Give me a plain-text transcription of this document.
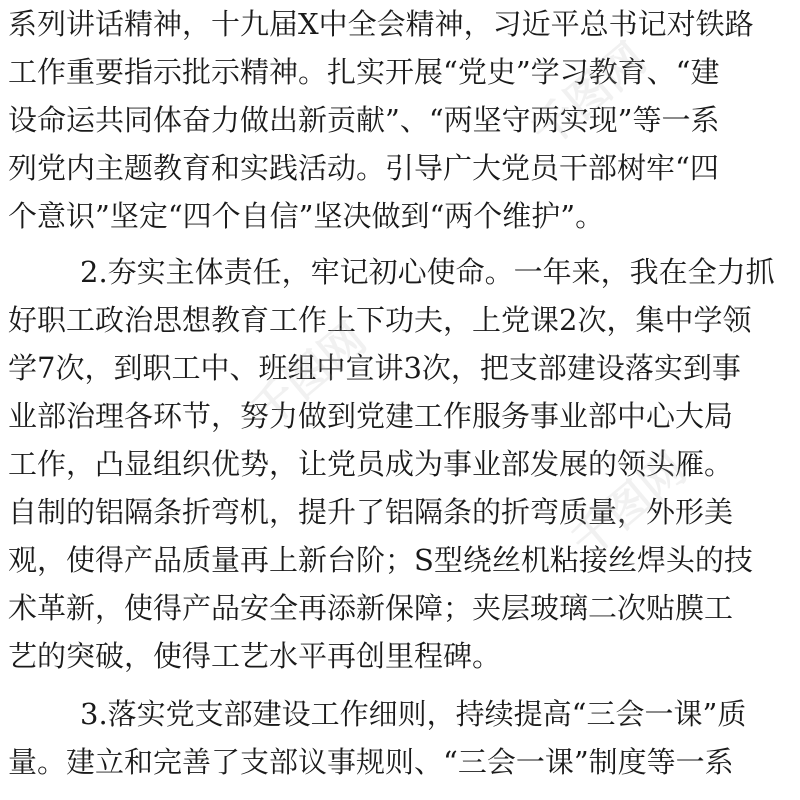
系列讲话精神，十九届X中全会精神，习近平总书记对铁路
工作重要指示批示精神。扎实开展“党史”学习教育、“建
设命运共同体奋力做出新贡献”、“两坚守两实现”等一系
列党内主题教育和实践活动。引导广大党员干部树牢“四
个意识”坚定“四个自信”坚决做到“两个维护”。
2.夯实主体责任，牢记初心使命。一年来，我在全力抓
好职工政治思想教育工作上下功夫，上党课2次，集中学领
学7次，到职工中、班组中宣讲3次，把支部建设落实到事
业部治理各环节，努力做到党建工作服务事业部中心大局
工作，凸显组织优势，让党员成为事业部发展的领头雁。
自制的铝隔条折弯机，提升了铝隔条的折弯质量，外形美
观，使得产品质量再上新台阶；S型绕丝机粘接丝焊头的技
术革新，使得产品安全再添新保障；夹层玻璃二次贴膜工
艺的突破，使得工艺水平再创里程碑。
3.落实党支部建设工作细则，持续提高“三会一课”质
量。建立和完善了支部议事规则、“三会一课”制度等一系
千图网
千图网
千图网
